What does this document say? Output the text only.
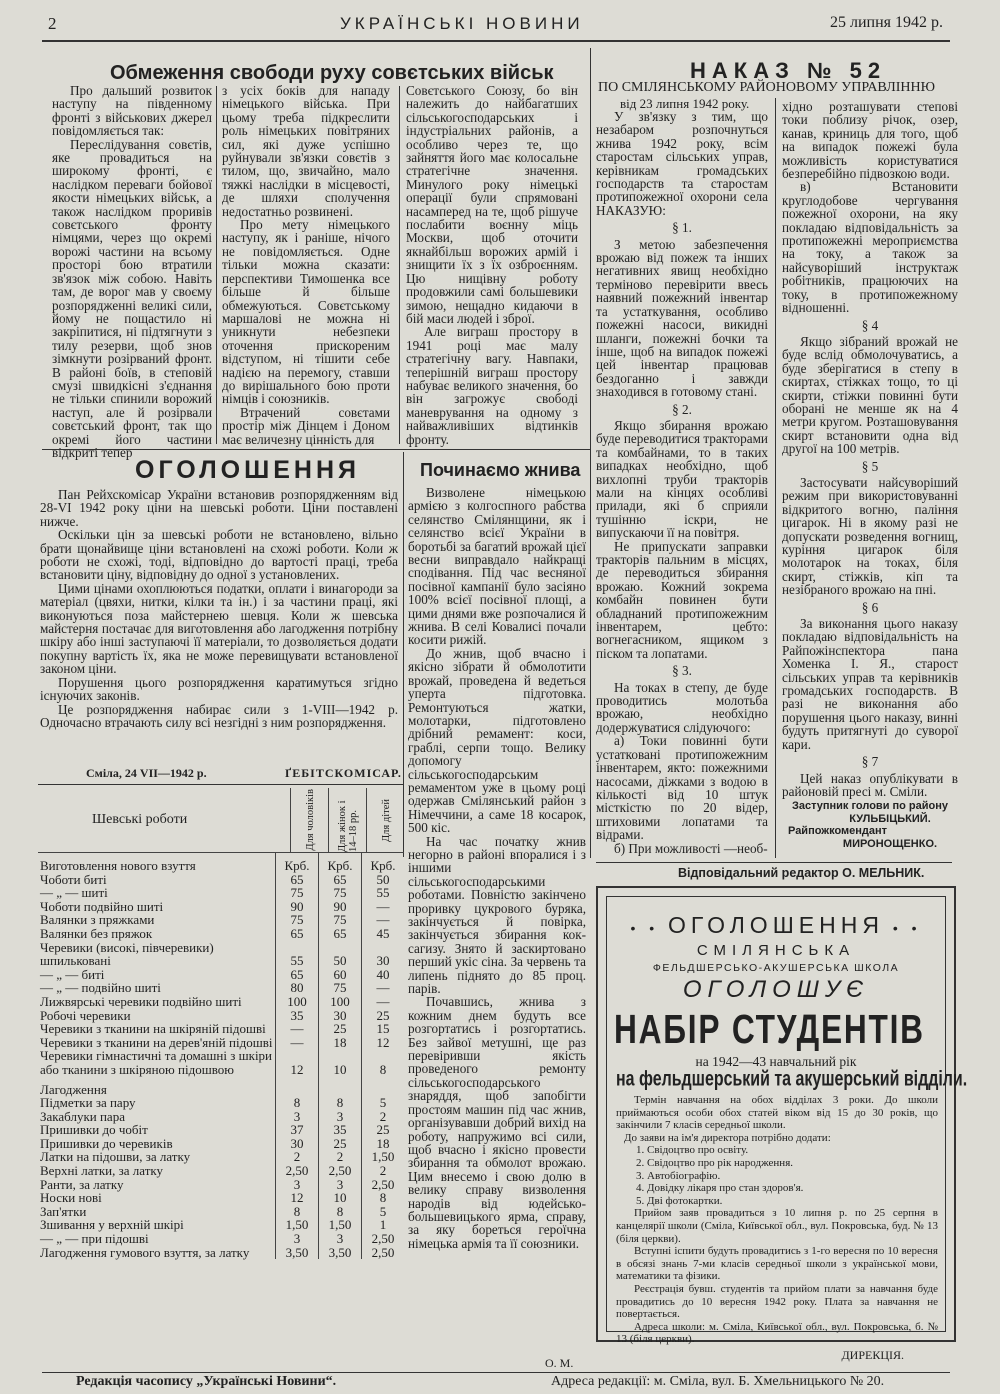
2	УКРАЇНСЬКІ НОВИНИ	25 липня 1942 р.
Обмеження свободи руху совєтських військ

Про дальший розвиток наступу на південному фронті з військових джерел повідомляється так:

Переслідування совєтів, яке провадиться на широкому фронті, є наслідком переваги бойової якости німецьких військ, а також наслідком проривів совєтського фронту німцями, через що окремі ворожі частини на всьому просторі бою втратили зв'язок між собою. Навіть там, де ворог мав у своєму розпорядженні великі сили, йому не пощастило ні закріпитися, ні підтягнути з тилу резерви, щоб знов зімкнути розірваний фронт. В районі боїв, в степовій смузі швидкісні з'єднання не тільки спинили ворожий наступ, але й розірвали совєтський фронт, так що окремі його частини відкриті тепер

з усіх боків для нападу німецького війська. При цьому треба підкреслити роль німецьких повітряних сил, які дуже успішно руйнували зв'язки совєтів з тилом, що, звичайно, мало тяжкі наслідки в місцевості, де шляхи сполучення недостатньо розвинені.

Про мету німецького наступу, як і раніше, нічого не повідомляється. Одне тільки можна сказати: перспективи Тимошенка все більше й більше обмежуються. Совєтському маршалові не можна ні уникнути небезпеки оточення прискореним відступом, ні тішити себе надією на перемогу, ставши до вирішального бою проти німців і союзників.

Втрачений совєтами простір між Дінцем і Доном має величезну цінність для

Совєтського Союзу, бо він належить до найбагатших сільськогосподарських і індустріальних районів, а особливо через те, що зайняття його має колосальне стратегічне значення. Минулого року німецькі операції були спрямовані насамперед на те, щоб рішуче послабити воєнну міць Москви, щоб оточити якнайбільш ворожих армій і знищити їх з їх озброєнням. Цю нищівну роботу продовжили самі большевики зимою, нещадно кидаючи в бій маси людей і зброї.

Але виграш простору в 1941 році має малу стратегічну вагу. Навпаки, теперішній виграш простору набуває великого значення, бо він загрожує свободі маневрування на одному з найважливіших відтинків фронту.

ОГОЛОШЕННЯ

Пан Рейхскомісар України встановив розпорядженням від 28-VI 1942 року ціни на шевські роботи. Ціни поставлені нижче.

Оскільки цін за шевські роботи не встановлено, вільно брати щонайвище ціни встановлені на схожі роботи. Коли ж роботи не схожі, тоді, відповідно до вартості праці, треба встановити ціну, відповідну до одної з установлених.

Цими цінами охоплюються податки, оплати і винагороди за матеріал (цвяхи, нитки, кілки та ін.) і за частини праці, які виконуються поза майстернею шевця. Коли ж шевська майстерня постачає для виготовлення або лагодження потрібну шкіру або інші заступаючі її матеріали, то дозволяється додати покупну вартість їх, яка не може перевищувати встановленої законом ціни.

Порушення цього розпорядження каратимуться згідно існуючих законів.

Це розпорядження набирає сили з 1-VIII—1942 р. Одночасно втрачають силу всі незгідні з ним розпорядження.

Сміла, 24 VII—1942 р.	ҐЕБІТСКОМІСАР.
Шевські роботи	Для чоловіків Для жінок і 14–18 рр. Для дітей
Виготовлення нового взуття	Крб.	Крб.	Крб.
Чоботи биті	65	65	50
— „ — шиті	75	75	55
Чоботи подвійно шиті	90	90	—
Валянки з пряжками	75	75	—
Валянки без пряжок	65	65	45
Черевики (високі, півчеревики) шпильковані	55	50	30
— „ — биті	65	60	40
— „ — подвійно шиті	80	75	—
Лижвярські черевики подвійно шиті	100	100	—
Робочі черевики	35	30	25
Черевики з тканини на шкіряній підошві	—	25	15
Черевики з тканини на дерев'яній підошві	—	18	12
Черевики гімнастичні та домашні з шкіри або тканини з шкіряною підошвою	12	10	8
Лагодження			
Підметки за пару	8	8	5
Закаблуки пара	3	3	2
Пришивки до чобіт	37	35	25
Пришивки до черевиків	30	25	18
Латки на підошви, за латку	2	2	1,50
Верхні латки, за латку	2,50	2,50	2
Ранти, за латку	3	3	2,50
Носки нові	12	10	8
Зап'ятки	8	8	5
Зшивання у верхній шкірі	1,50	1,50	1
— „ — при підошві	3	3	2,50
Лагодження гумового взуття, за латку	3,50	3,50	2,50
Починаємо жнива

Визволене німецькою армією з колгоспного рабства селянство Смілянщини, як і селянство всієї України в боротьбі за багатий врожай цієї весни виправдало найкращі сподівання. Під час весняної посівної кампанії було засіяно 100% всієї посівної площі, а цими днями вже розпочалися й жнива. В селі Ковалисі почали косити рижій.

До жнив, щоб вчасно і якісно зібрати й обмолотити врожай, проведена й ведеться уперта підготовка. Ремонтуються жатки, молотарки, підготовлено дрібний ремамент: коси, граблі, серпи тощо. Велику допомогу сільськогосподарським ремаментом уже в цьому році одержав Смілянський район з Німеччини, а саме 18 косарок, 500 кіс.

На час початку жнив негорно в районі впоралися і з іншими сільськогосподарськими роботами. Повністю закінчено проривку цукрового буряка, закінчується й повірка, закінчується збирання кок-сагизу. Знято й заскиртовано перший укіс сіна. За червень та липень піднято до 85 проц. парів.

Почавшись, жнива з кожним днем будуть все розгортатись і розгортатись. Без зайвої метушні, ще раз перевіривши якість проведеного ремонту сільськогосподарського знаряддя, щоб запобігти простоям машин під час жнив, організувавши добрий вихід на роботу, напружимо всі сили, щоб вчасно і якісно провести збирання та обмолот врожаю. Цим внесемо і свою долю в велику справу визволення народів від юдейсько-большевицького ярма, справу, за яку бореться героїчна німецька армія та її союзники.

О. М.
НАКАЗ № 52
ПО СМІЛЯНСЬКОМУ РАЙОНОВОМУ УПРАВЛІННЮ
від 23 липня 1942 року.

У зв'язку з тим, що незабаром розпочнуться жнива 1942 року, всім старостам сільських управ, керівникам громадських господарств та старостам протипожежної охорони села НАКАЗУЮ:

§ 1.

З метою забезпечення врожаю від пожеж та інших негативних явищ необхідно терміново перевірити ввесь наявний пожежний інвентар та устаткування, особливо пожежні насоси, викидні шланги, пожежні бочки та інше, щоб на випадок пожежі цей інвентар працював бездоганно і завжди знаходився в готовому стані.

§ 2.

Якщо збирання врожаю буде переводитися тракторами та комбайнами, то в таких випадках необхідно, щоб вихлопні труби тракторів мали на кінцях особливі прилади, які б сприяли тушінню іскри, не випускаючи її на повітря.

Не припускати заправки тракторів пальним в місцях, де переводиться збирання врожаю. Кожний зокрема комбайн повинен бути обладнаний протипожежним інвентарем, цебто: вогнегасником, ящиком з піском та лопатами.

§ 3.

На токах в степу, де буде проводитись молотьба врожаю, необхідно додержуватися слідуючого:

а) Токи повинні бути устатковані протипожежним інвентарем, якто: пожежними насосами, діжками з водою в кількості від 10 штук місткістю по 20 відер, штиховими лопатами та відрами.

б) При можливості —необ-

хідно розташувати степові токи поблизу річок, озер, канав, криниць для того, щоб на випадок пожежі була можливість користуватися безперебійно підвозкою води.

в) Встановити круглодобове чергування пожежної охорони, на яку покладаю відповідальність за протипожежні мероприємства на току, а також за найсуворіший інструктаж робітників, працюючих на току, в протипожежному відношенні.

§ 4

Якщо зібраний врожай не буде вслід обмолочуватись, а буде зберігатися в степу в скиртах, стіжках тощо, то ці скирти, стіжки повинні бути оборані не менше як на 4 метри кругом. Розташовування скирт встановити одна від другої на 100 метрів.

§ 5

Застосувати найсуворіший режим при використовуванні відкритого вогню, паління цигарок. Ні в якому разі не допускати розведення вогнищ, куріння цигарок біля молотарок на токах, біля скирт, стіжків, кіп та незібраного врожаю на пні.

§ 6

За виконання цього наказу покладаю відповідальність на Райпожінспектора пана Хоменка І. Я., старост сільських управ та керівників громадських господарств. В разі не виконання або порушення цього наказу, винні будуть притягнуті до суворої кари.

§ 7

Цей наказ опублікувати в районовій пресі м. Сміли.

Заступник голови по району
КУЛЬБІЦЬКИЙ.
Райпожкомендант
МИРОНОЩЕНКО.
Відповідальний редактор О. МЕЛЬНИК.
• • ОГОЛОШЕННЯ • •
СМІЛЯНСЬКА
ФЕЛЬДШЕРСЬКО-АКУШЕРСЬКА ШКОЛА
ОГОЛОШУЄ
НАБІР СТУДЕНТІВ
на 1942—43 навчальний рік
на фельдшерський та акушерський відділи.
Термін навчання на обох відділах 3 роки. До школи приймаються особи обох статей віком від 15 до 30 років, що закінчили 7 класів середньої школи.
До заяви на ім'я директора потрібно додати:
1. Свідоцтво про освіту.
2. Свідоцтво про рік народження.
3. Автобіографію.
4. Довідку лікаря про стан здоров'я.
5. Дві фотокартки.
Прийом заяв провадиться з 10 липня р. по 25 серпня в канцелярії школи (Сміла, Київської обл., вул. Покровська, буд. № 13 (біля церкви).
Вступні іспити будуть провадитись з 1-го вересня по 10 вересня в обсязі знань 7-ми класів середньої школи з української мови, математики та фізики.
Реєстрація бувш. студентів та прийом плати за навчання буде провадитись до 10 вересня 1942 року. Плата за навчання не повертається.
Адреса школи: м. Сміла, Київської обл., вул. Покровська, б. № 13 (біля церкви).
ДИРЕКЦІЯ.
Редакція часопису „Українські Новини“.	Адреса редакції: м. Сміла, вул. Б. Хмельницького № 20.
